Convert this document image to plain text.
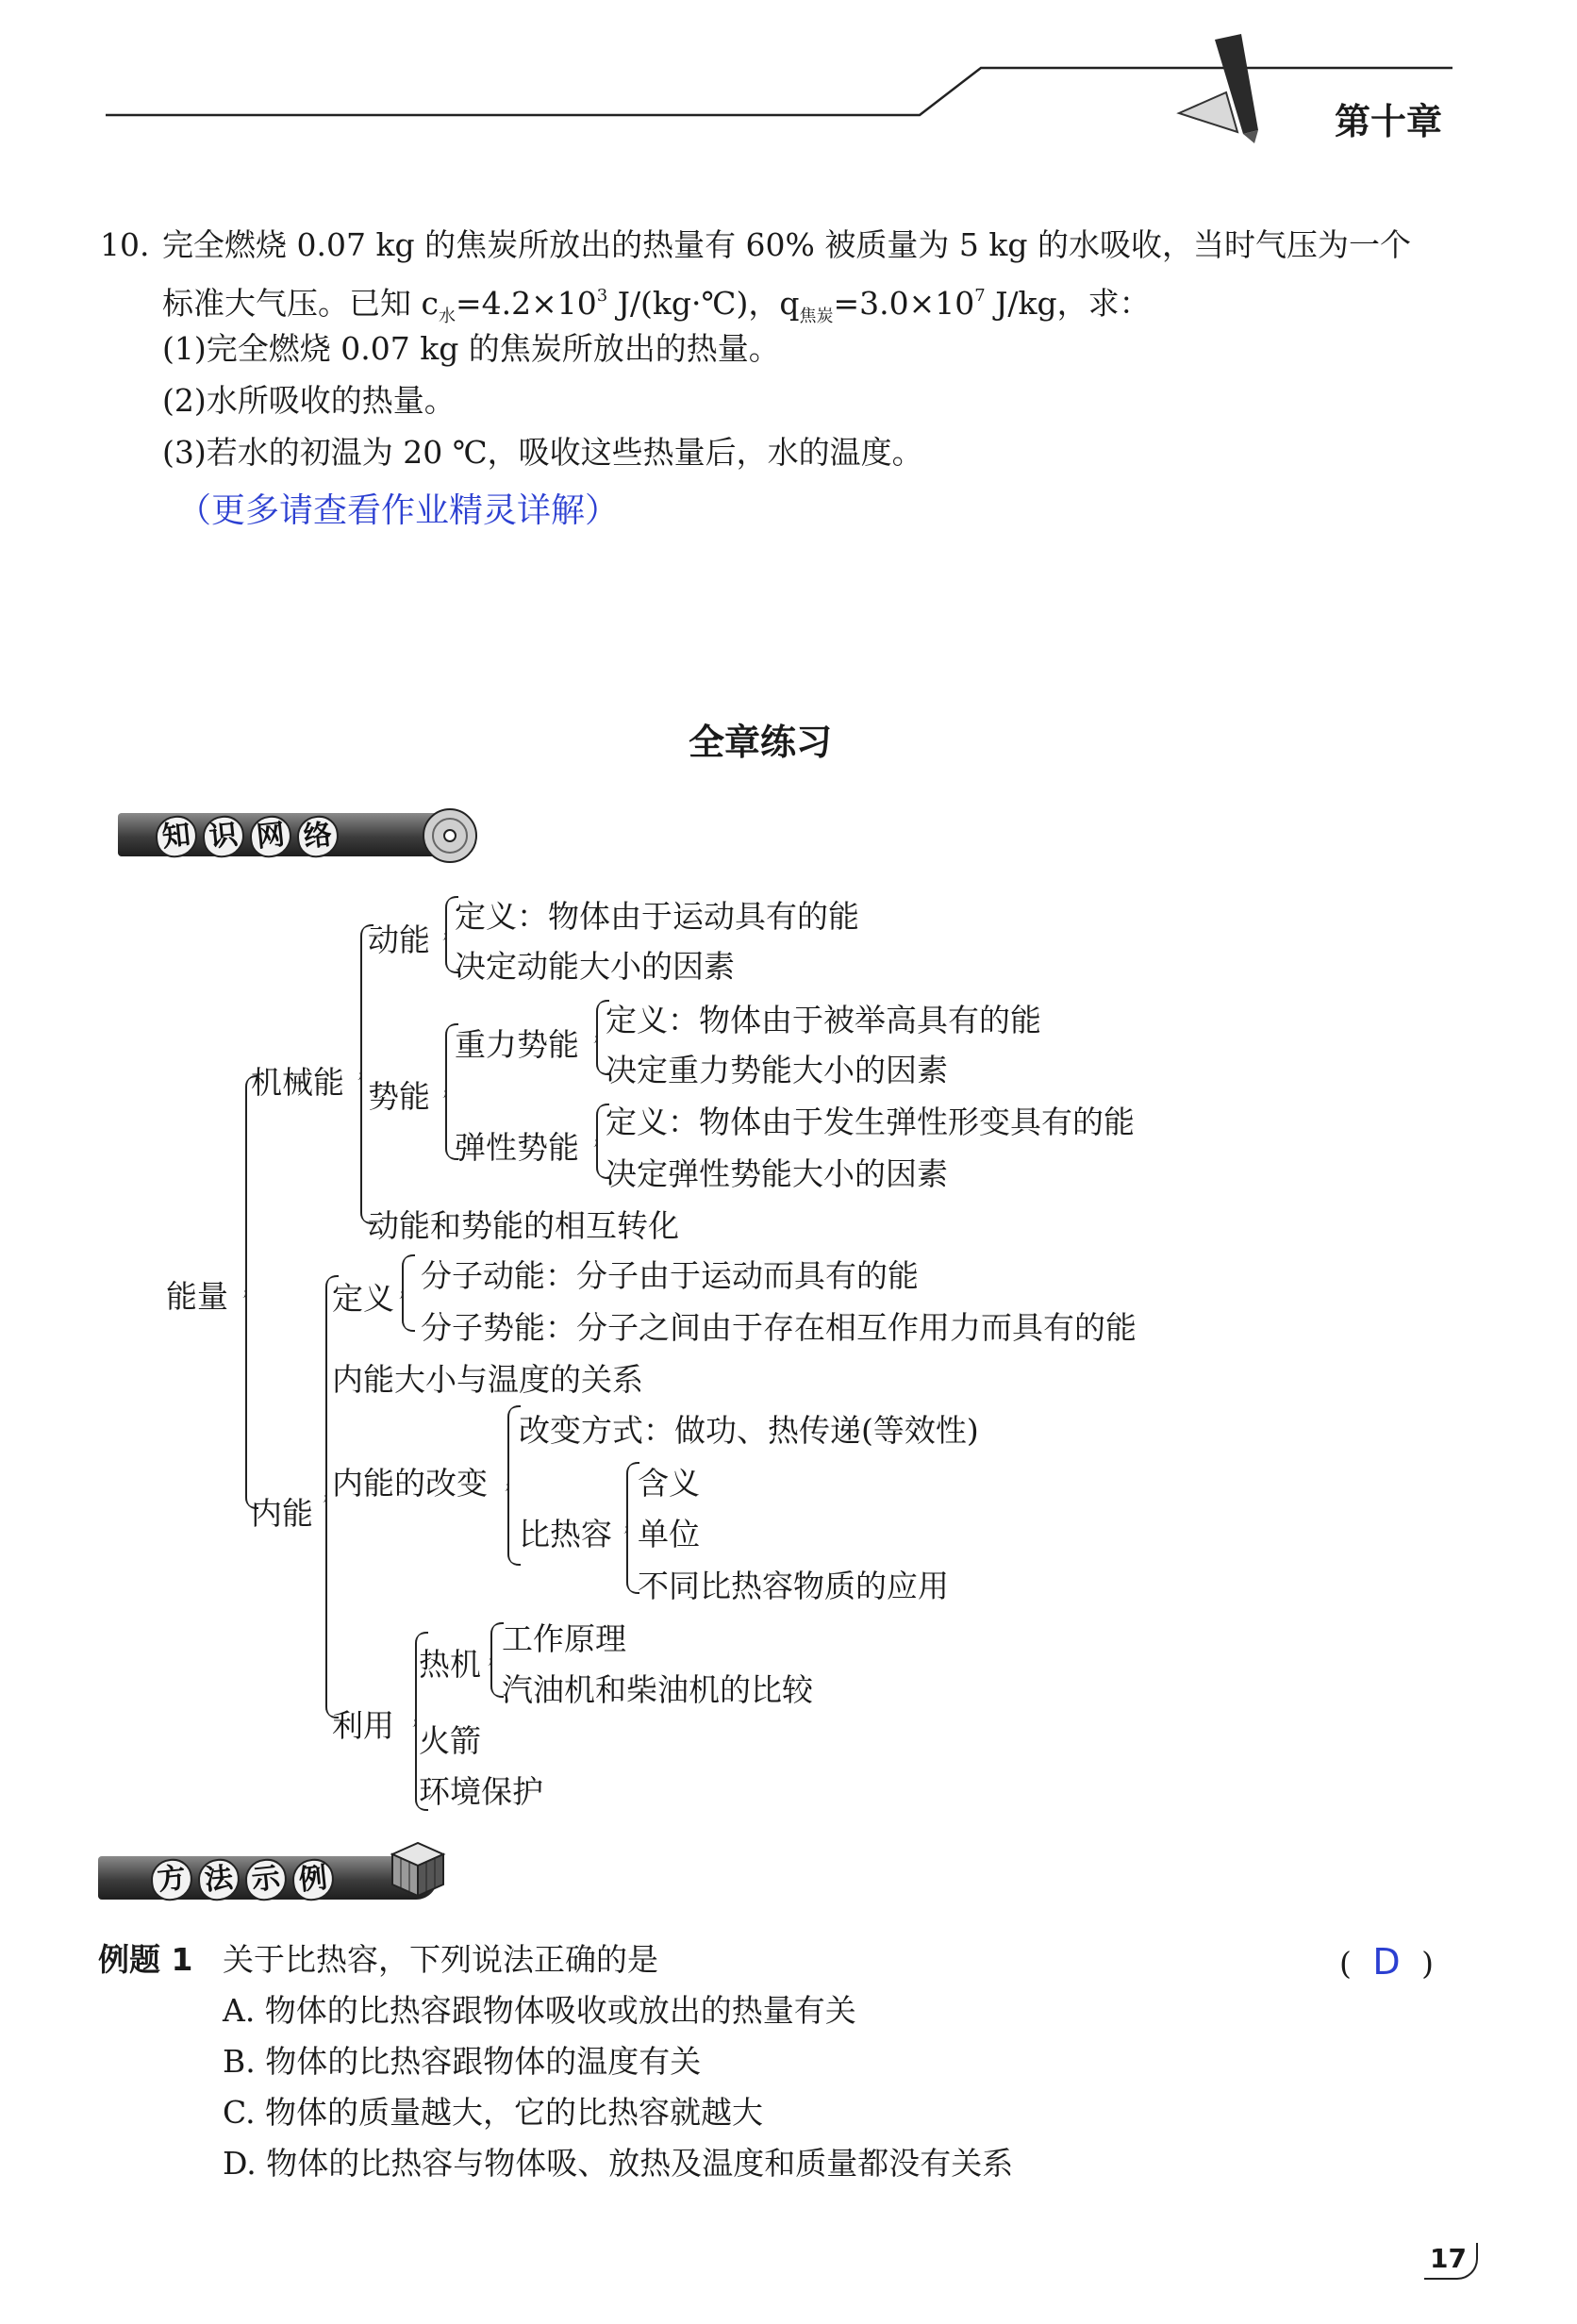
第十章
10. 完全燃烧 0.07 kg 的焦炭所放出的热量有 60% 被质量为 5 kg 的水吸收，当时气压为一个
标准大气压。已知 $c_水=4.2\times 10^3$ J/(kg·℃)，$q_{焦炭}=3.0\times 10^7$ J/kg，求：
(1)完全燃烧 0.07 kg 的焦炭所放出的热量。
(2)水所吸收的热量。
(3)若水的初温为 20 ℃，吸收这些热量后，水的温度。
（更多请查看作业精灵详解）
全章练习
知 识 网 络
能量
机械能
动能
定义：物体由于运动具有的能
决定动能大小的因素
势能
重力势能
定义：物体由于被举高具有的能
决定重力势能大小的因素
弹性势能
定义：物体由于发生弹性形变具有的能
决定弹性势能大小的因素
动能和势能的相互转化
内能
定义
分子动能：分子由于运动而具有的能
分子势能：分子之间由于存在相互作用力而具有的能
内能大小与温度的关系
内能的改变
改变方式：做功、热传递(等效性)
比热容
含义
单位
不同比热容物质的应用
利用
热机
工作原理
汽油机和柴油机的比较
火箭
环境保护
方 法 示 例
例题 1 关于比热容，下列说法正确的是	( D )
A. 物体的比热容跟物体吸收或放出的热量有关
B. 物体的比热容跟物体的温度有关
C. 物体的质量越大，它的比热容就越大
D. 物体的比热容与物体吸、放热及温度和质量都没有关系
17
